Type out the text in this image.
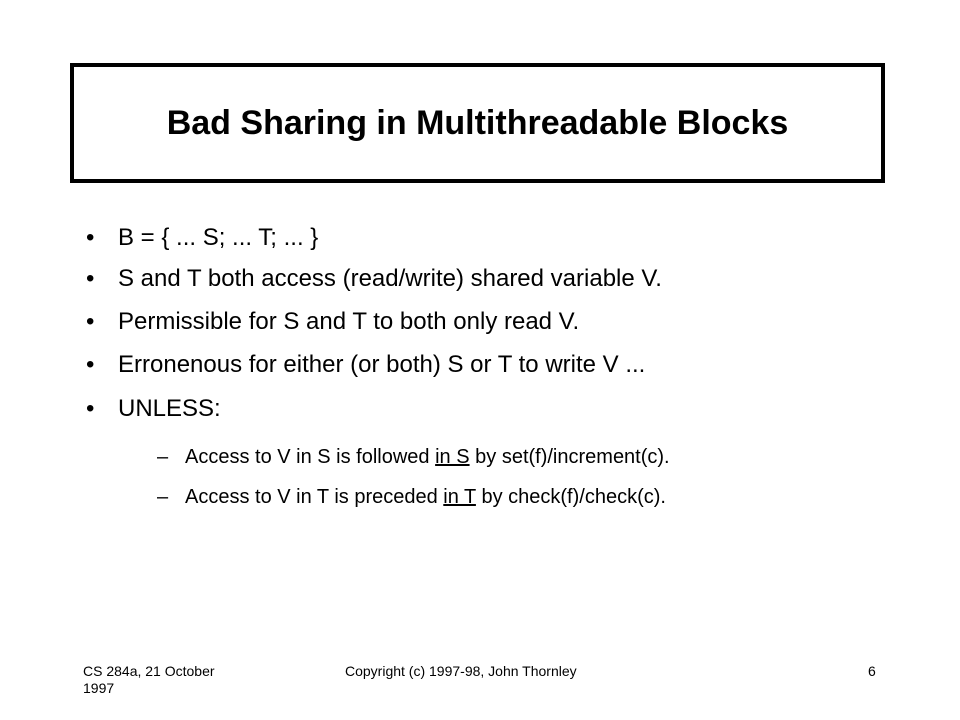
Bad Sharing in Multithreadable Blocks
• B = { ... S; ... T; ... }
• S and T both access (read/write) shared variable V.
• Permissible for S and T to both only read V.
• Erronenous for either (or both) S or T to write V ...
• UNLESS:
– Access to V in S is followed in S by set(f)/increment(c).
– Access to V in T is preceded in T by check(f)/check(c).
CS 284a, 21 October 1997
Copyright (c) 1997-98, John Thornley	6
